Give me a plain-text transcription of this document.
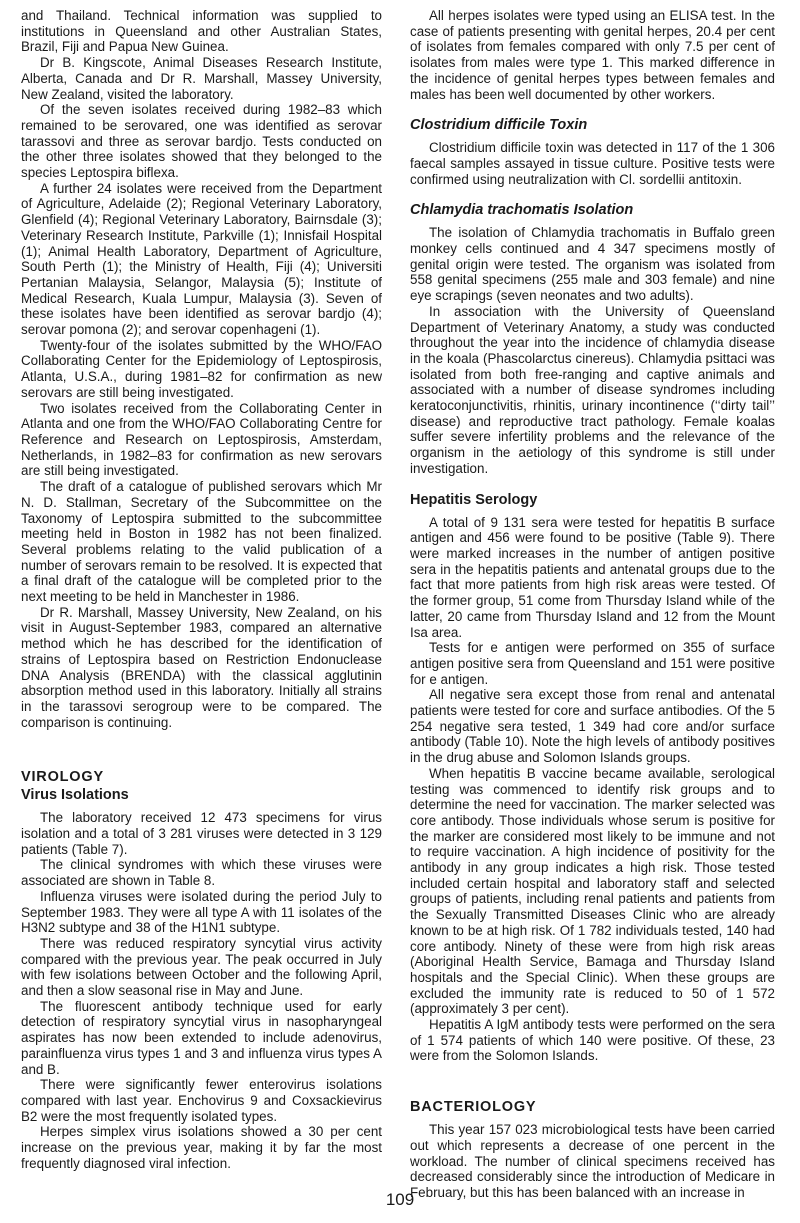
and Thailand. Technical information was supplied to institutions in Queensland and other Australian States, Brazil, Fiji and Papua New Guinea.

Dr B. Kingscote, Animal Diseases Research Institute, Alberta, Canada and Dr R. Marshall, Massey University, New Zealand, visited the laboratory.

Of the seven isolates received during 1982–83 which remained to be serovared, one was identified as serovar tarassovi and three as serovar bardjo. Tests conducted on the other three isolates showed that they belonged to the species Leptospira biflexa.

A further 24 isolates were received from the Department of Agriculture, Adelaide (2); Regional Veterinary Laboratory, Glenfield (4); Regional Veterinary Laboratory, Bairnsdale (3); Veterinary Research Institute, Parkville (1); Innisfail Hospital (1); Animal Health Laboratory, Department of Agriculture, South Perth (1); the Ministry of Health, Fiji (4); Universiti Pertanian Malaysia, Selangor, Malaysia (5); Institute of Medical Research, Kuala Lumpur, Malaysia (3). Seven of these isolates have been identified as serovar bardjo (4); serovar pomona (2); and serovar copenhageni (1).

Twenty-four of the isolates submitted by the WHO/FAO Collaborating Center for the Epidemiology of Leptospirosis, Atlanta, U.S.A., during 1981–82 for confirmation as new serovars are still being investigated.

Two isolates received from the Collaborating Center in Atlanta and one from the WHO/FAO Collaborating Centre for Reference and Research on Leptospirosis, Amsterdam, Netherlands, in 1982–83 for confirmation as new serovars are still being investigated.

The draft of a catalogue of published serovars which Mr N. D. Stallman, Secretary of the Subcommittee on the Taxonomy of Leptospira submitted to the subcommittee meeting held in Boston in 1982 has not been finalized. Several problems relating to the valid publication of a number of serovars remain to be resolved. It is expected that a final draft of the catalogue will be completed prior to the next meeting to be held in Manchester in 1986.

Dr R. Marshall, Massey University, New Zealand, on his visit in August-September 1983, compared an alternative method which he has described for the identification of strains of Leptospira based on Restriction Endonuclease DNA Analysis (BRENDA) with the classical agglutinin absorption method used in this laboratory. Initially all strains in the tarassovi serogroup were to be compared. The comparison is continuing.

VIROLOGY
Virus Isolations

The laboratory received 12 473 specimens for virus isolation and a total of 3 281 viruses were detected in 3 129 patients (Table 7).

The clinical syndromes with which these viruses were associated are shown in Table 8.

Influenza viruses were isolated during the period July to September 1983. They were all type A with 11 isolates of the H3N2 subtype and 38 of the H1N1 subtype.

There was reduced respiratory syncytial virus activity compared with the previous year. The peak occurred in July with few isolations between October and the following April, and then a slow seasonal rise in May and June.

The fluorescent antibody technique used for early detection of respiratory syncytial virus in nasopharyngeal aspirates has now been extended to include adenovirus, parainfluenza virus types 1 and 3 and influenza virus types A and B.

There were significantly fewer enterovirus isolations compared with last year. Enchovirus 9 and Coxsackievirus B2 were the most frequently isolated types.

Herpes simplex virus isolations showed a 30 per cent increase on the previous year, making it by far the most frequently diagnosed viral infection.

All herpes isolates were typed using an ELISA test. In the case of patients presenting with genital herpes, 20.4 per cent of isolates from females compared with only 7.5 per cent of isolates from males were type 1. This marked difference in the incidence of genital herpes types between females and males has been well documented by other workers.

Clostridium difficile Toxin

Clostridium difficile toxin was detected in 117 of the 1 306 faecal samples assayed in tissue culture. Positive tests were confirmed using neutralization with Cl. sordellii antitoxin.

Chlamydia trachomatis Isolation

The isolation of Chlamydia trachomatis in Buffalo green monkey cells continued and 4 347 specimens mostly of genital origin were tested. The organism was isolated from 558 genital specimens (255 male and 303 female) and nine eye scrapings (seven neonates and two adults).

In association with the University of Queensland Department of Veterinary Anatomy, a study was conducted throughout the year into the incidence of chlamydia disease in the koala (Phascolarctus cinereus). Chlamydia psittaci was isolated from both free-ranging and captive animals and associated with a number of disease syndromes including keratoconjunctivitis, rhinitis, urinary incontinence (‘‘dirty tail’’ disease) and reproductive tract pathology. Female koalas suffer severe infertility problems and the relevance of the organism in the aetiology of this syndrome is still under investigation.

Hepatitis Serology

A total of 9 131 sera were tested for hepatitis B surface antigen and 456 were found to be positive (Table 9). There were marked increases in the number of antigen positive sera in the hepatitis patients and antenatal groups due to the fact that more patients from high risk areas were tested. Of the former group, 51 come from Thursday Island while of the latter, 20 came from Thursday Island and 12 from the Mount Isa area.

Tests for e antigen were performed on 355 of surface antigen positive sera from Queensland and 151 were positive for e antigen.

All negative sera except those from renal and antenatal patients were tested for core and surface antibodies. Of the 5 254 negative sera tested, 1 349 had core and/or surface antibody (Table 10). Note the high levels of antibody positives in the drug abuse and Solomon Islands groups.

When hepatitis B vaccine became available, serological testing was commenced to identify risk groups and to determine the need for vaccination. The marker selected was core antibody. Those individuals whose serum is positive for the marker are considered most likely to be immune and not to require vaccination. A high incidence of positivity for the antibody in any group indicates a high risk. Those tested included certain hospital and laboratory staff and selected groups of patients, including renal patients and patients from the Sexually Transmitted Diseases Clinic who are already known to be at high risk. Of 1 782 individuals tested, 140 had core antibody. Ninety of these were from high risk areas (Aboriginal Health Service, Bamaga and Thursday Island hospitals and the Special Clinic). When these groups are excluded the immunity rate is reduced to 50 of 1 572 (approximately 3 per cent).

Hepatitis A IgM antibody tests were performed on the sera of 1 574 patients of which 140 were positive. Of these, 23 were from the Solomon Islands.

BACTERIOLOGY

This year 157 023 microbiological tests have been carried out which represents a decrease of one percent in the workload. The number of clinical specimens received has decreased considerably since the introduction of Medicare in February, but this has been balanced with an increase in

109
